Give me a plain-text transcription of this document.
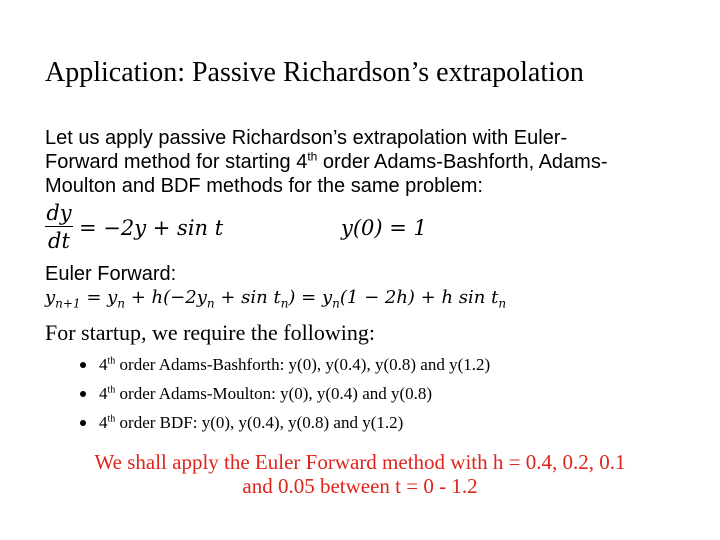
Application: Passive Richardson’s extrapolation
Let us apply passive Richardson’s extrapolation with Euler-
Forward method for starting 4th order Adams-Bashforth, Adams-
Moulton and BDF methods for the same problem:
dy
dt
= −2y + sin t	y(0) = 1
Euler Forward:
$y_{n+1} = y_n + h(-2y_n + \sin t_n) = y_n(1 - 2h) + h$ $\sin t_n$
For startup, we require the following:
4th order Adams-Bashforth: y(0), y(0.4), y(0.8) and y(1.2)
4th order Adams-Moulton: y(0), y(0.4) and y(0.8)
4th order BDF: y(0), y(0.4), y(0.8) and y(1.2)
We shall apply the Euler Forward method with h = 0.4, 0.2, 0.1
and 0.05 between t = 0 - 1.2
